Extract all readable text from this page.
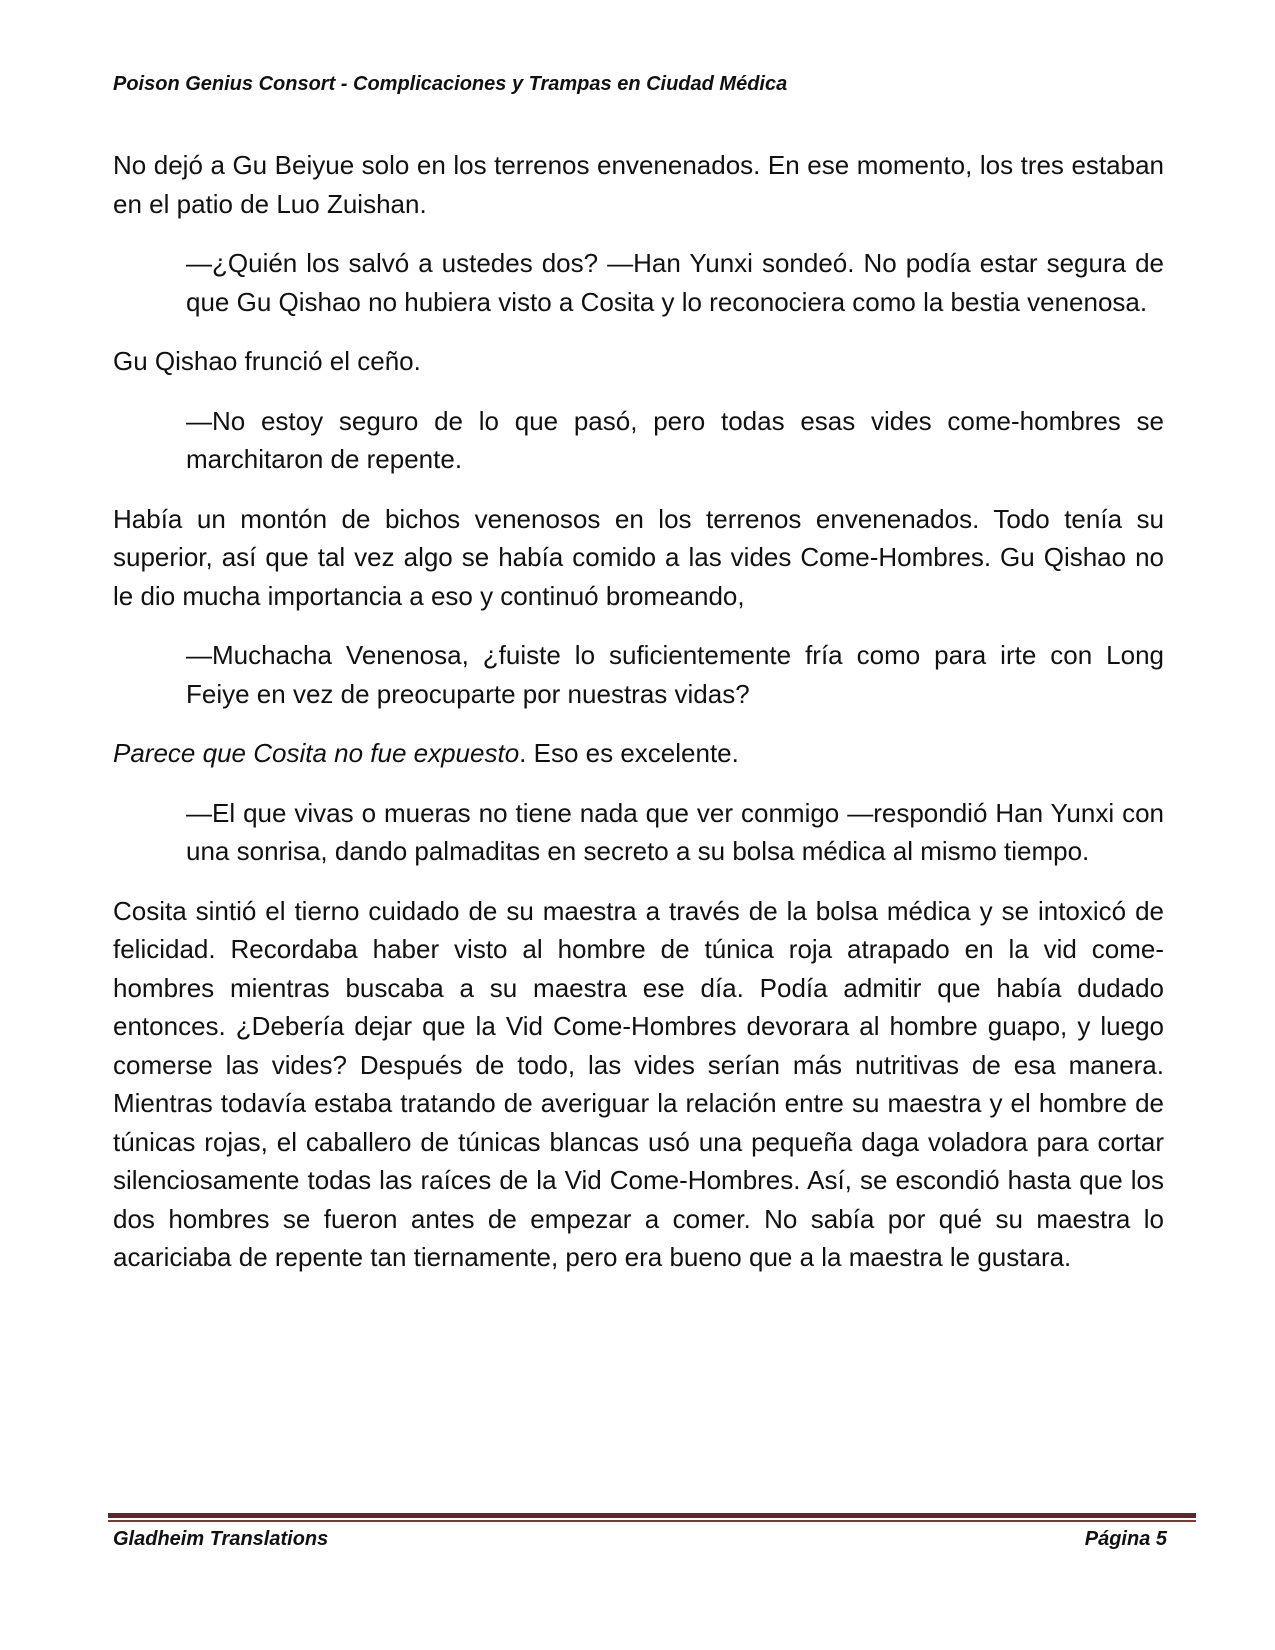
Poison Genius Consort - Complicaciones y Trampas en Ciudad Médica

No dejó a Gu Beiyue solo en los terrenos envenenados. En ese momento, los tres estaban en el patio de Luo Zuishan.

—¿Quién los salvó a ustedes dos? —Han Yunxi sondeó. No podía estar segura de que Gu Qishao no hubiera visto a Cosita y lo reconociera como la bestia venenosa.

Gu Qishao frunció el ceño.

—No estoy seguro de lo que pasó, pero todas esas vides come-hombres se marchitaron de repente.

Había un montón de bichos venenosos en los terrenos envenenados. Todo tenía su superior, así que tal vez algo se había comido a las vides Come-Hombres. Gu Qishao no le dio mucha importancia a eso y continuó bromeando,

—Muchacha Venenosa, ¿fuiste lo suficientemente fría como para irte con Long Feiye en vez de preocuparte por nuestras vidas?

Parece que Cosita no fue expuesto. Eso es excelente.

—El que vivas o mueras no tiene nada que ver conmigo —respondió Han Yunxi con una sonrisa, dando palmaditas en secreto a su bolsa médica al mismo tiempo.

Cosita sintió el tierno cuidado de su maestra a través de la bolsa médica y se intoxicó de felicidad. Recordaba haber visto al hombre de túnica roja atrapado en la vid come-hombres mientras buscaba a su maestra ese día. Podía admitir que había dudado entonces. ¿Debería dejar que la Vid Come-Hombres devorara al hombre guapo, y luego comerse las vides? Después de todo, las vides serían más nutritivas de esa manera. Mientras todavía estaba tratando de averiguar la relación entre su maestra y el hombre de túnicas rojas, el caballero de túnicas blancas usó una pequeña daga voladora para cortar silenciosamente todas las raíces de la Vid Come-Hombres. Así, se escondió hasta que los dos hombres se fueron antes de empezar a comer. No sabía por qué su maestra lo acariciaba de repente tan tiernamente, pero era bueno que a la maestra le gustara.

Gladheim Translations	Página 5
